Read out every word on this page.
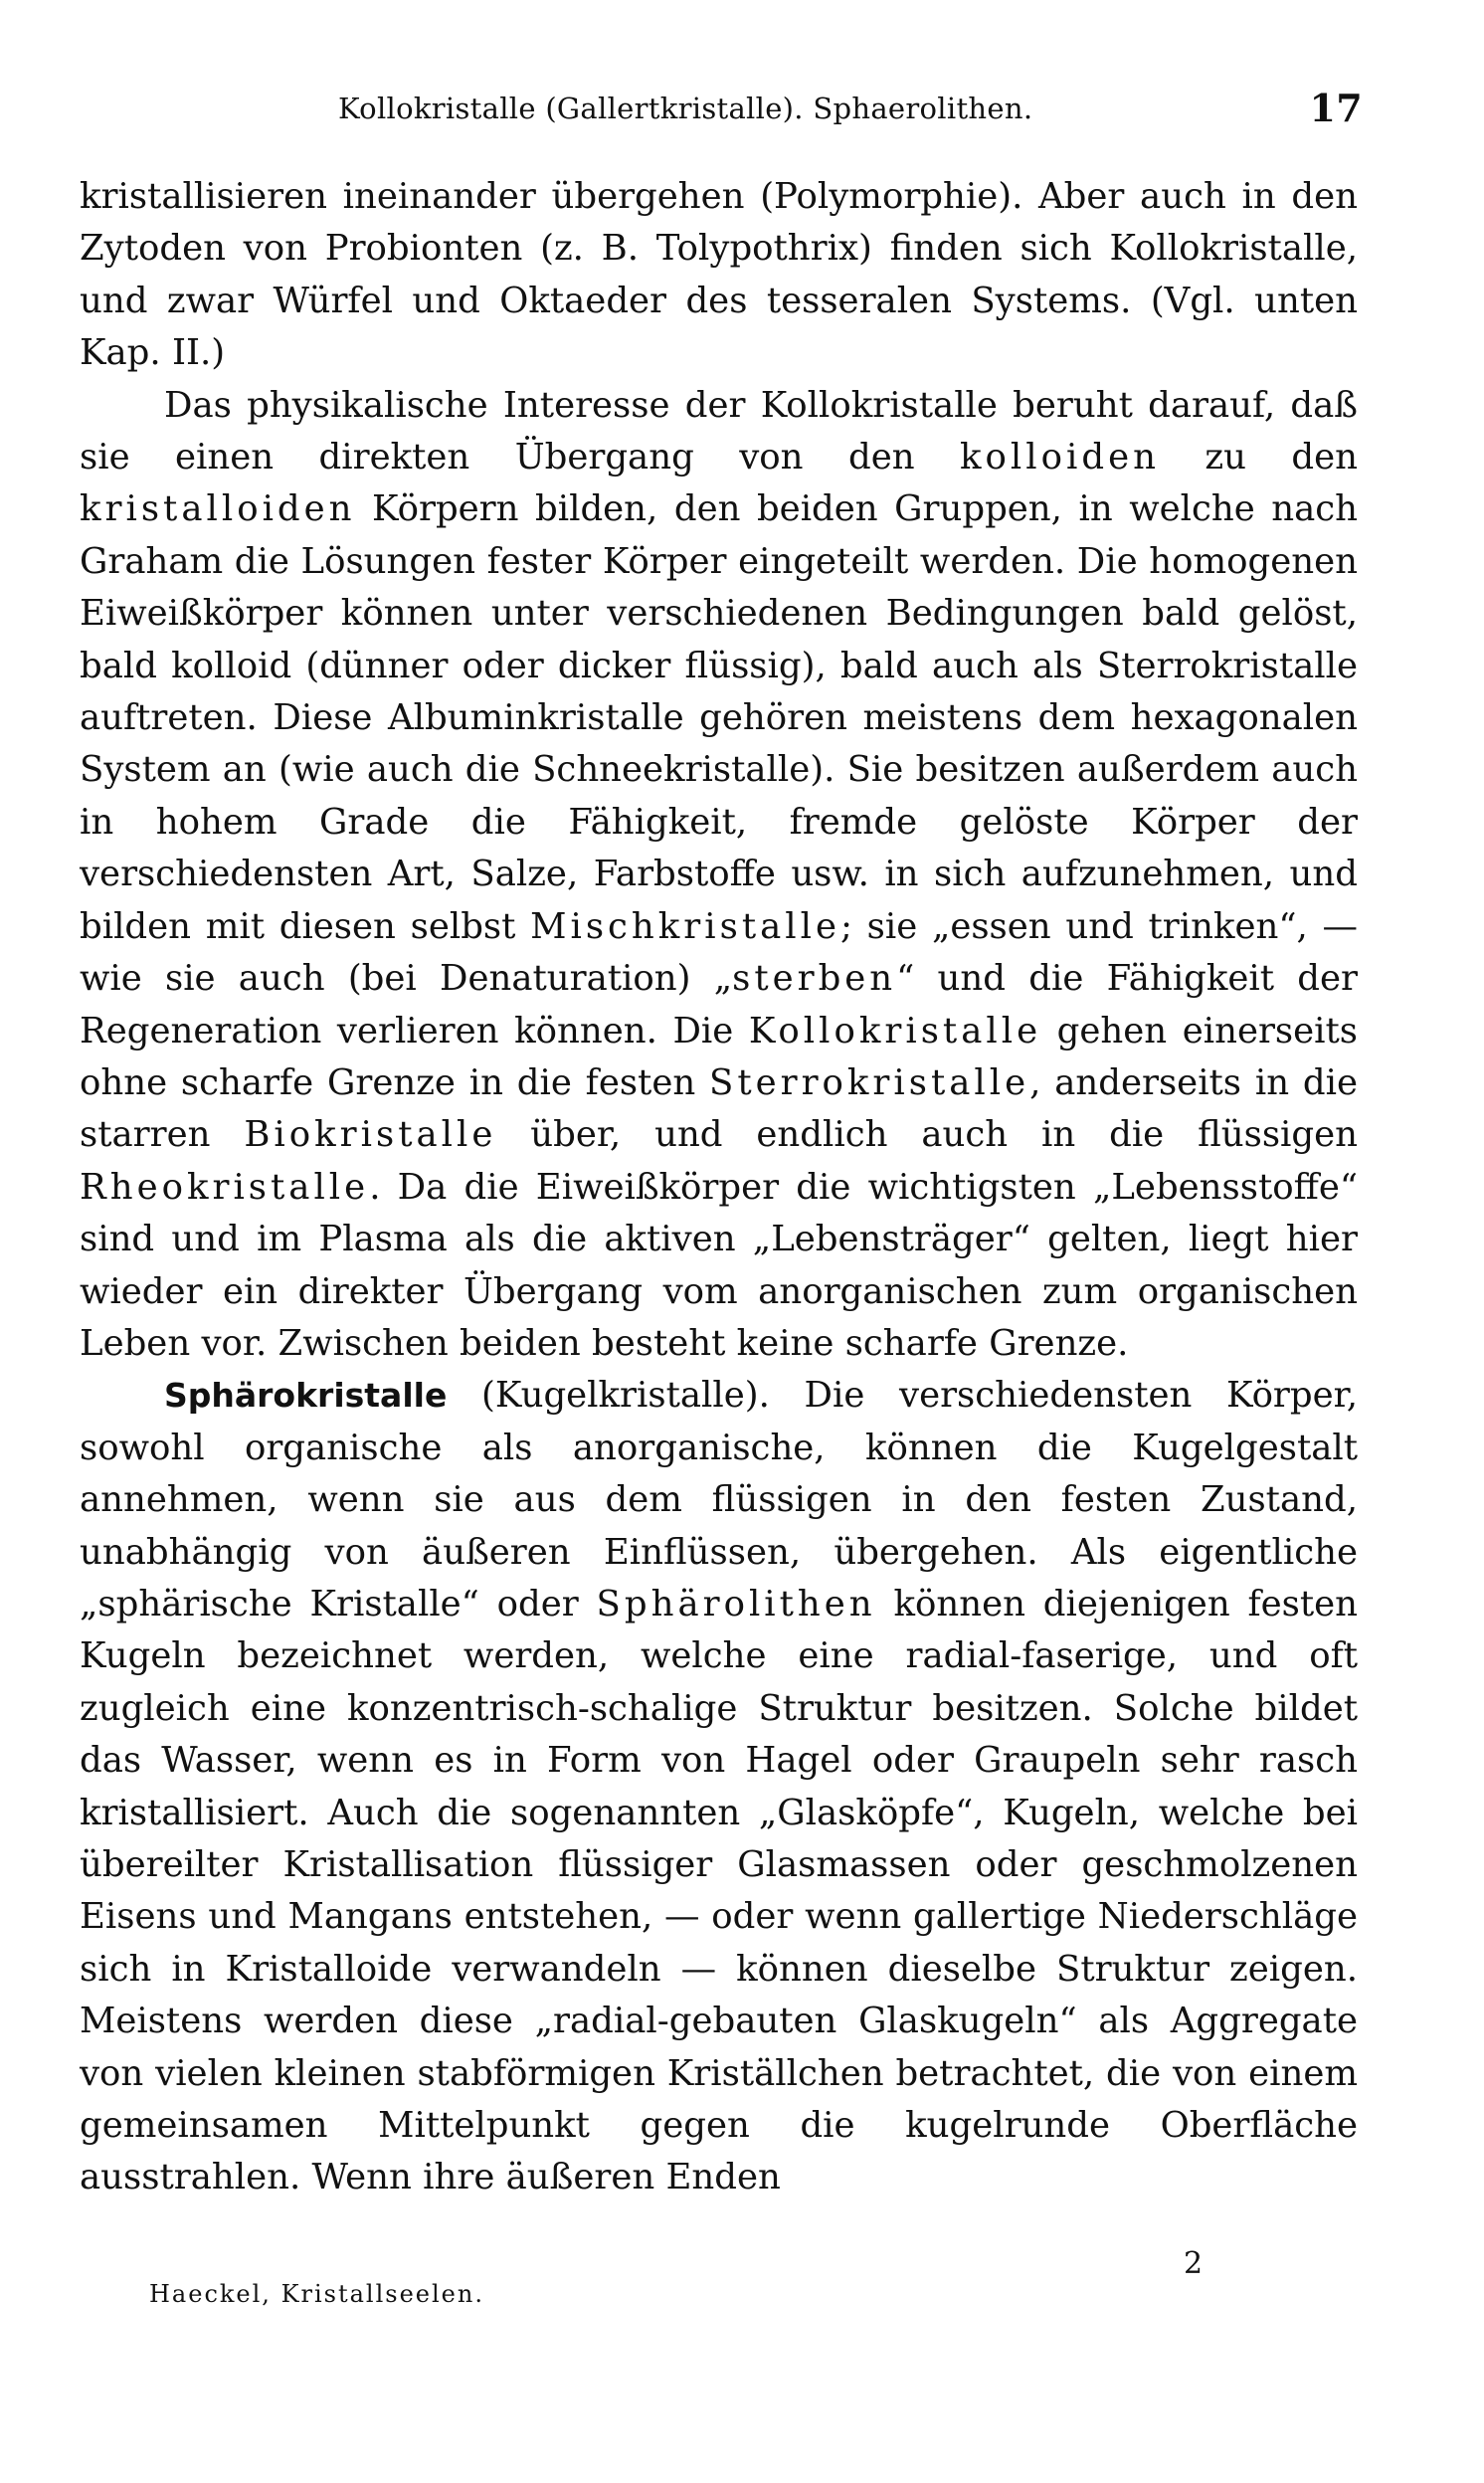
Kollokristalle (Gallertkristalle). Sphaerolithen.	17

kristallisieren ineinander übergehen (Polymorphie). Aber auch in den Zytoden von Probionten (z. B. Tolypothrix) finden sich Kollokristalle, und zwar Würfel und Oktaeder des tesseralen Systems. (Vgl. unten Kap. II.)

Das physikalische Interesse der Kollokristalle beruht darauf, daß sie einen direkten Übergang von den kolloiden zu den kristalloiden Körpern bilden, den beiden Gruppen, in welche nach Graham die Lösungen fester Körper eingeteilt werden. Die homogenen Eiweißkörper können unter verschiedenen Bedingungen bald gelöst, bald kolloid (dünner oder dicker flüssig), bald auch als Sterrokristalle auftreten. Diese Albuminkristalle gehören meistens dem hexagonalen System an (wie auch die Schneekristalle). Sie besitzen außerdem auch in hohem Grade die Fähigkeit, fremde gelöste Körper der verschiedensten Art, Salze, Farbstoffe usw. in sich aufzunehmen, und bilden mit diesen selbst Mischkristalle; sie „essen und trinken“, — wie sie auch (bei Denaturation) „sterben“ und die Fähigkeit der Regeneration verlieren können. Die Kollokristalle gehen einerseits ohne scharfe Grenze in die festen Sterrokristalle, anderseits in die starren Biokristalle über, und endlich auch in die flüssigen Rheokristalle. Da die Eiweißkörper die wichtigsten „Lebensstoffe“ sind und im Plasma als die aktiven „Lebensträger“ gelten, liegt hier wieder ein direkter Übergang vom anorganischen zum organischen Leben vor. Zwischen beiden besteht keine scharfe Grenze.

Sphärokristalle (Kugelkristalle). Die verschiedensten Körper, sowohl organische als anorganische, können die Kugelgestalt annehmen, wenn sie aus dem flüssigen in den festen Zustand, unabhängig von äußeren Einflüssen, übergehen. Als eigentliche „sphärische Kristalle“ oder Sphärolithen können diejenigen festen Kugeln bezeichnet werden, welche eine radial-faserige, und oft zugleich eine konzentrisch-schalige Struktur besitzen. Solche bildet das Wasser, wenn es in Form von Hagel oder Graupeln sehr rasch kristallisiert. Auch die sogenannten „Glasköpfe“, Kugeln, welche bei übereilter Kristallisation flüssiger Glasmassen oder geschmolzenen Eisens und Mangans entstehen, — oder wenn gallertige Niederschläge sich in Kristalloide verwandeln — können dieselbe Struktur zeigen. Meistens werden diese „radial-gebauten Glaskugeln“ als Aggregate von vielen kleinen stabförmigen Kriställchen betrachtet, die von einem gemeinsamen Mittelpunkt gegen die kugelrunde Oberfläche ausstrahlen. Wenn ihre äußeren Enden

2
Haeckel, Kristallseelen.
